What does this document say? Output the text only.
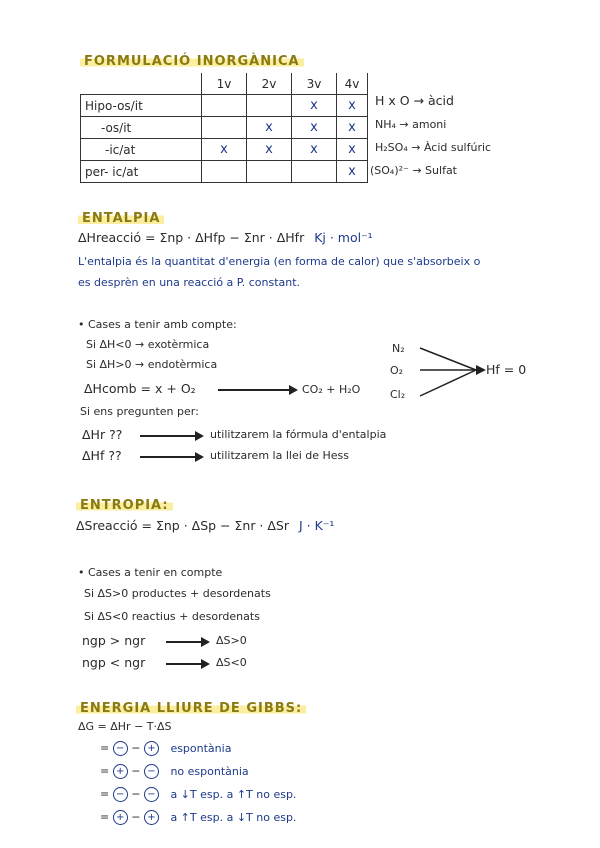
FORMULACIÓ INORGÀNICA
	1v	2v	3v	4v
Hipo-os/it			x	x
-os/it		x	x	x
-ic/at	x	x	x	x
per- ic/at				x
H x O → àcid
NH₄ → amoni
H₂SO₄ → Àcid sulfúric
(SO₄)²⁻ → Sulfat
ENTALPIA
ΔHreacció = Σnp · ΔHfp − Σnr · ΔHfr Kj · mol⁻¹
L'entalpia és la quantitat d'energia (en forma de calor) que s'absorbeix o
es desprèn en una reacció a P. constant.
• Cases a tenir amb compte:
Si ΔH<0 → exotèrmica
Si ΔH>0 → endotèrmica
ΔHcomb = x + O₂	CO₂ + H₂O
N₂
O₂
Cl₂
Hf = 0
Si ens pregunten per:
ΔHr ??	utilitzarem la fórmula d'entalpia
ΔHf ??	utilitzarem la llei de Hess
ENTROPIA:
ΔSreacció = Σnp · ΔSp − Σnr · ΔSr J · K⁻¹
• Cases a tenir en compte
Si ΔS>0 productes + desordenats
Si ΔS<0 reactius + desordenats
ngp > ngr	ΔS>0
ngp < ngr	ΔS<0
ENERGIA LLIURE DE GIBBS:
ΔG = ΔHr − T·ΔS
= − − + espontània
= + − − no espontània
= − − − a ↓T esp. a ↑T no esp.
= + − + a ↑T esp. a ↓T no esp.
